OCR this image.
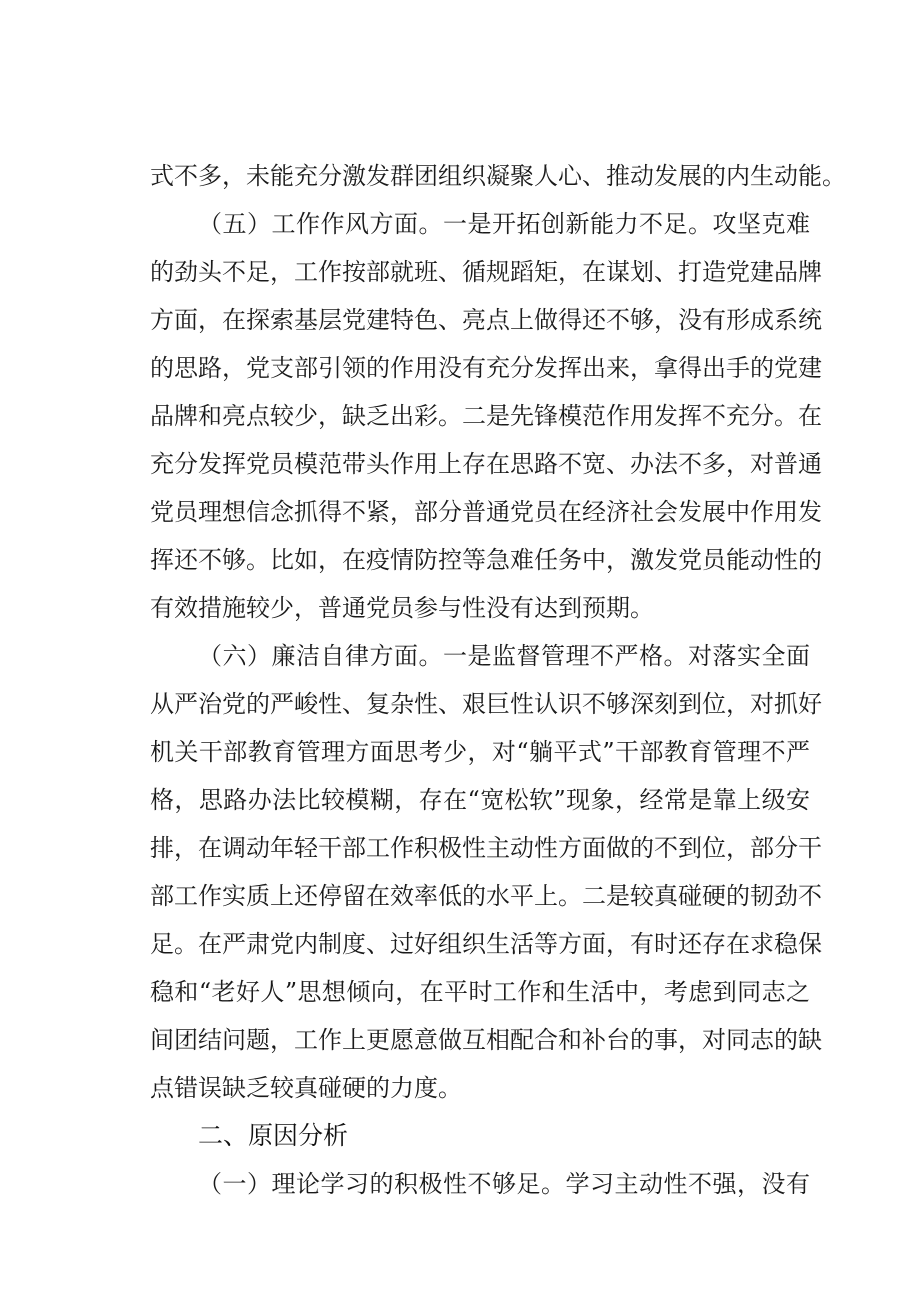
式不多，未能充分激发群团组织凝聚人心、推动发展的内生动能。
（五）工作作风方面。一是开拓创新能力不足。攻坚克难
的劲头不足，工作按部就班、循规蹈矩，在谋划、打造党建品牌
方面，在探索基层党建特色、亮点上做得还不够，没有形成系统
的思路，党支部引领的作用没有充分发挥出来，拿得出手的党建
品牌和亮点较少，缺乏出彩。二是先锋模范作用发挥不充分。在
充分发挥党员模范带头作用上存在思路不宽、办法不多，对普通
党员理想信念抓得不紧，部分普通党员在经济社会发展中作用发
挥还不够。比如，在疫情防控等急难任务中，激发党员能动性的
有效措施较少，普通党员参与性没有达到预期。
（六）廉洁自律方面。一是监督管理不严格。对落实全面
从严治党的严峻性、复杂性、艰巨性认识不够深刻到位，对抓好
机关干部教育管理方面思考少，对“躺平式”干部教育管理不严
格，思路办法比较模糊，存在“宽松软”现象，经常是靠上级安
排，在调动年轻干部工作积极性主动性方面做的不到位，部分干
部工作实质上还停留在效率低的水平上。二是较真碰硬的韧劲不
足。在严肃党内制度、过好组织生活等方面，有时还存在求稳保
稳和“老好人”思想倾向，在平时工作和生活中，考虑到同志之
间团结问题，工作上更愿意做互相配合和补台的事，对同志的缺
点错误缺乏较真碰硬的力度。
二、原因分析
（一）理论学习的积极性不够足。学习主动性不强，没有
